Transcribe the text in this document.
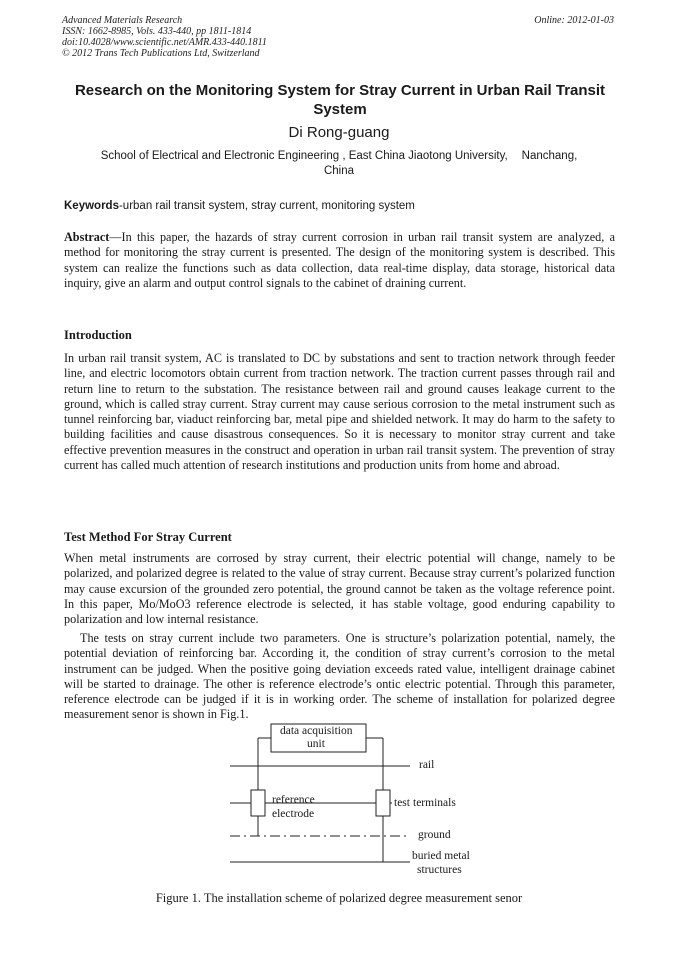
Advanced Materials Research
ISSN: 1662-8985, Vols. 433-440, pp 1811-1814
doi:10.4028/www.scientific.net/AMR.433-440.1811
© 2012 Trans Tech Publications Ltd, Switzerland
Online: 2012-01-03
Research on the Monitoring System for Stray Current in Urban Rail Transit System
Di Rong-guang
School of Electrical and Electronic Engineering , East China Jiaotong University, Nanchang,
China
Keywords-urban rail transit system, stray current, monitoring system
Abstract—In this paper, the hazards of stray current corrosion in urban rail transit system are analyzed, a method for monitoring the stray current is presented. The design of the monitoring system is described. This system can realize the functions such as data collection, data real-time display, data storage, historical data inquiry, give an alarm and output control signals to the cabinet of draining current.
Introduction
In urban rail transit system, AC is translated to DC by substations and sent to traction network through feeder line, and electric locomotors obtain current from traction network. The traction current passes through rail and return line to return to the substation. The resistance between rail and ground causes leakage current to the ground, which is called stray current. Stray current may cause serious corrosion to the metal instrument such as tunnel reinforcing bar, viaduct reinforcing bar, metal pipe and shielded network. It may do harm to the safety to building facilities and cause disastrous consequences. So it is necessary to monitor stray current and take effective prevention measures in the construct and operation in urban rail transit system. The prevention of stray current has called much attention of research institutions and production units from home and abroad.
Test Method For Stray Current
When metal instruments are corrosed by stray current, their electric potential will change, namely to be polarized, and polarized degree is related to the value of stray current. Because stray current’s polarized function may cause excursion of the grounded zero potential, the ground cannot be taken as the voltage reference point. In this paper, Mo/MoO3 reference electrode is selected, it has stable voltage, good enduring capability to polarization and low internal resistance.
The tests on stray current include two parameters. One is structure’s polarization potential, namely, the potential deviation of reinforcing bar. According it, the condition of stray current’s corrosion to the metal instrument can be judged. When the positive going deviation exceeds rated value, intelligent drainage cabinet will be started to drainage. The other is reference electrode’s ontic electric potential. Through this parameter, reference electrode can be judged if it is in working order. The scheme of installation for polarized degree measurement senor is shown in Fig.1.
data acquisition
unit
rail
reference
electrode
test terminals
ground
buried metal
structures
Figure 1. The installation scheme of polarized degree measurement senor
